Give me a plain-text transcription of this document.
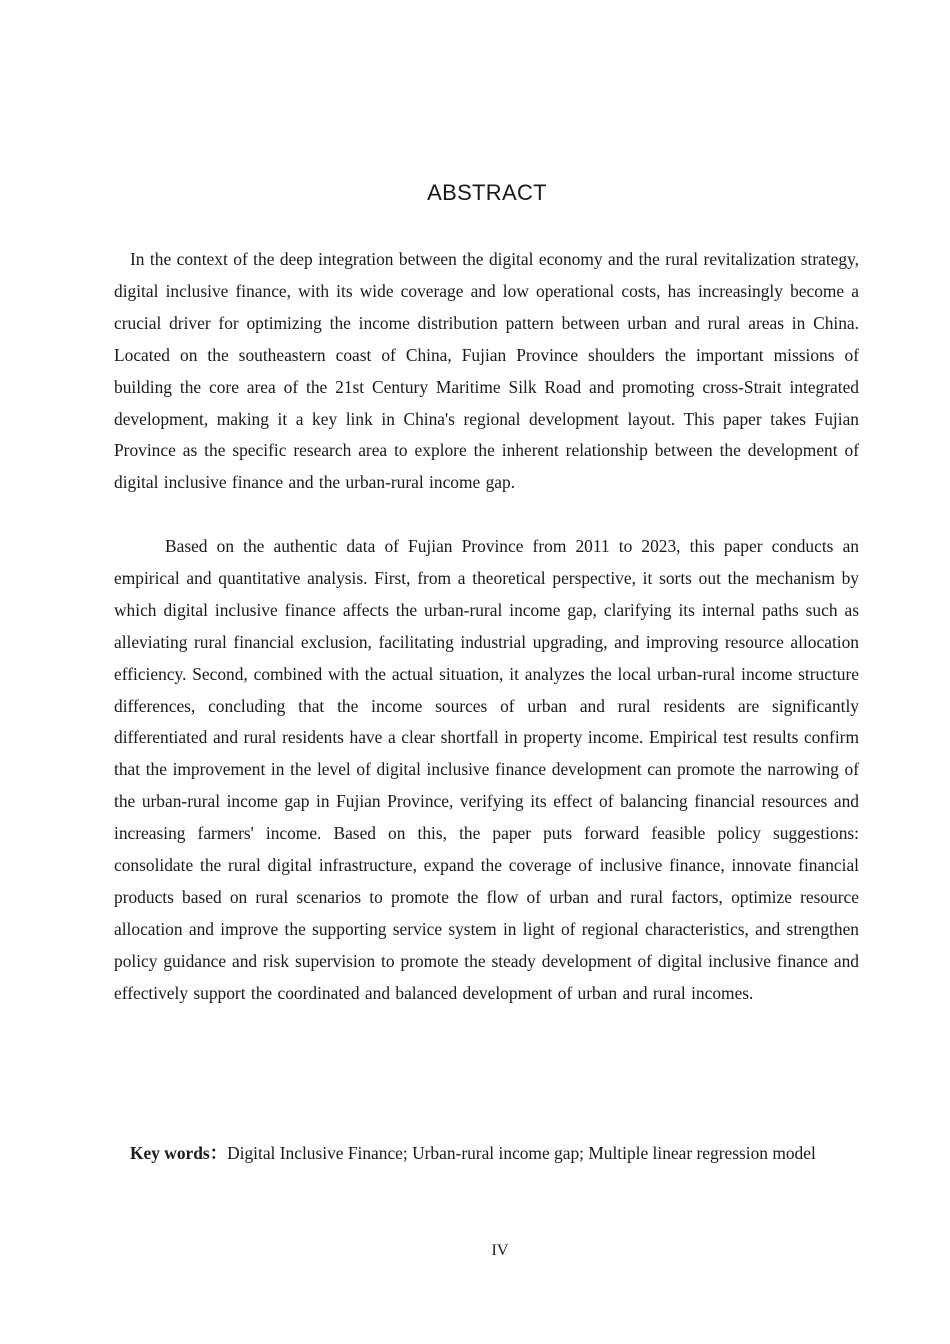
ABSTRACT

In the context of the deep integration between the digital economy and the rural revitalization strategy, digital inclusive finance, with its wide coverage and low operational costs, has increasingly become a crucial driver for optimizing the income distribution pattern between urban and rural areas in China. Located on the southeastern coast of China, Fujian Province shoulders the important missions of building the core area of the 21st Century Maritime Silk Road and promoting cross-Strait integrated development, making it a key link in China's regional development layout. This paper takes Fujian Province as the specific research area to explore the inherent relationship between the development of digital inclusive finance and the urban-rural income gap.

Based on the authentic data of Fujian Province from 2011 to 2023, this paper conducts an empirical and quantitative analysis. First, from a theoretical perspective, it sorts out the mechanism by which digital inclusive finance affects the urban-rural income gap, clarifying its internal paths such as alleviating rural financial exclusion, facilitating industrial upgrading, and improving resource allocation efficiency. Second, combined with the actual situation, it analyzes the local urban-rural income structure differences, concluding that the income sources of urban and rural residents are significantly differentiated and rural residents have a clear shortfall in property income. Empirical test results confirm that the improvement in the level of digital inclusive finance development can promote the narrowing of the urban-rural income gap in Fujian Province, verifying its effect of balancing financial resources and increasing farmers' income. Based on this, the paper puts forward feasible policy suggestions: consolidate the rural digital infrastructure, expand the coverage of inclusive finance, innovate financial products based on rural scenarios to promote the flow of urban and rural factors, optimize resource allocation and improve the supporting service system in light of regional characteristics, and strengthen policy guidance and risk supervision to promote the steady development of digital inclusive finance and effectively support the coordinated and balanced development of urban and rural incomes.

Key words：Digital Inclusive Finance; Urban-rural income gap; Multiple linear regression model

IV
